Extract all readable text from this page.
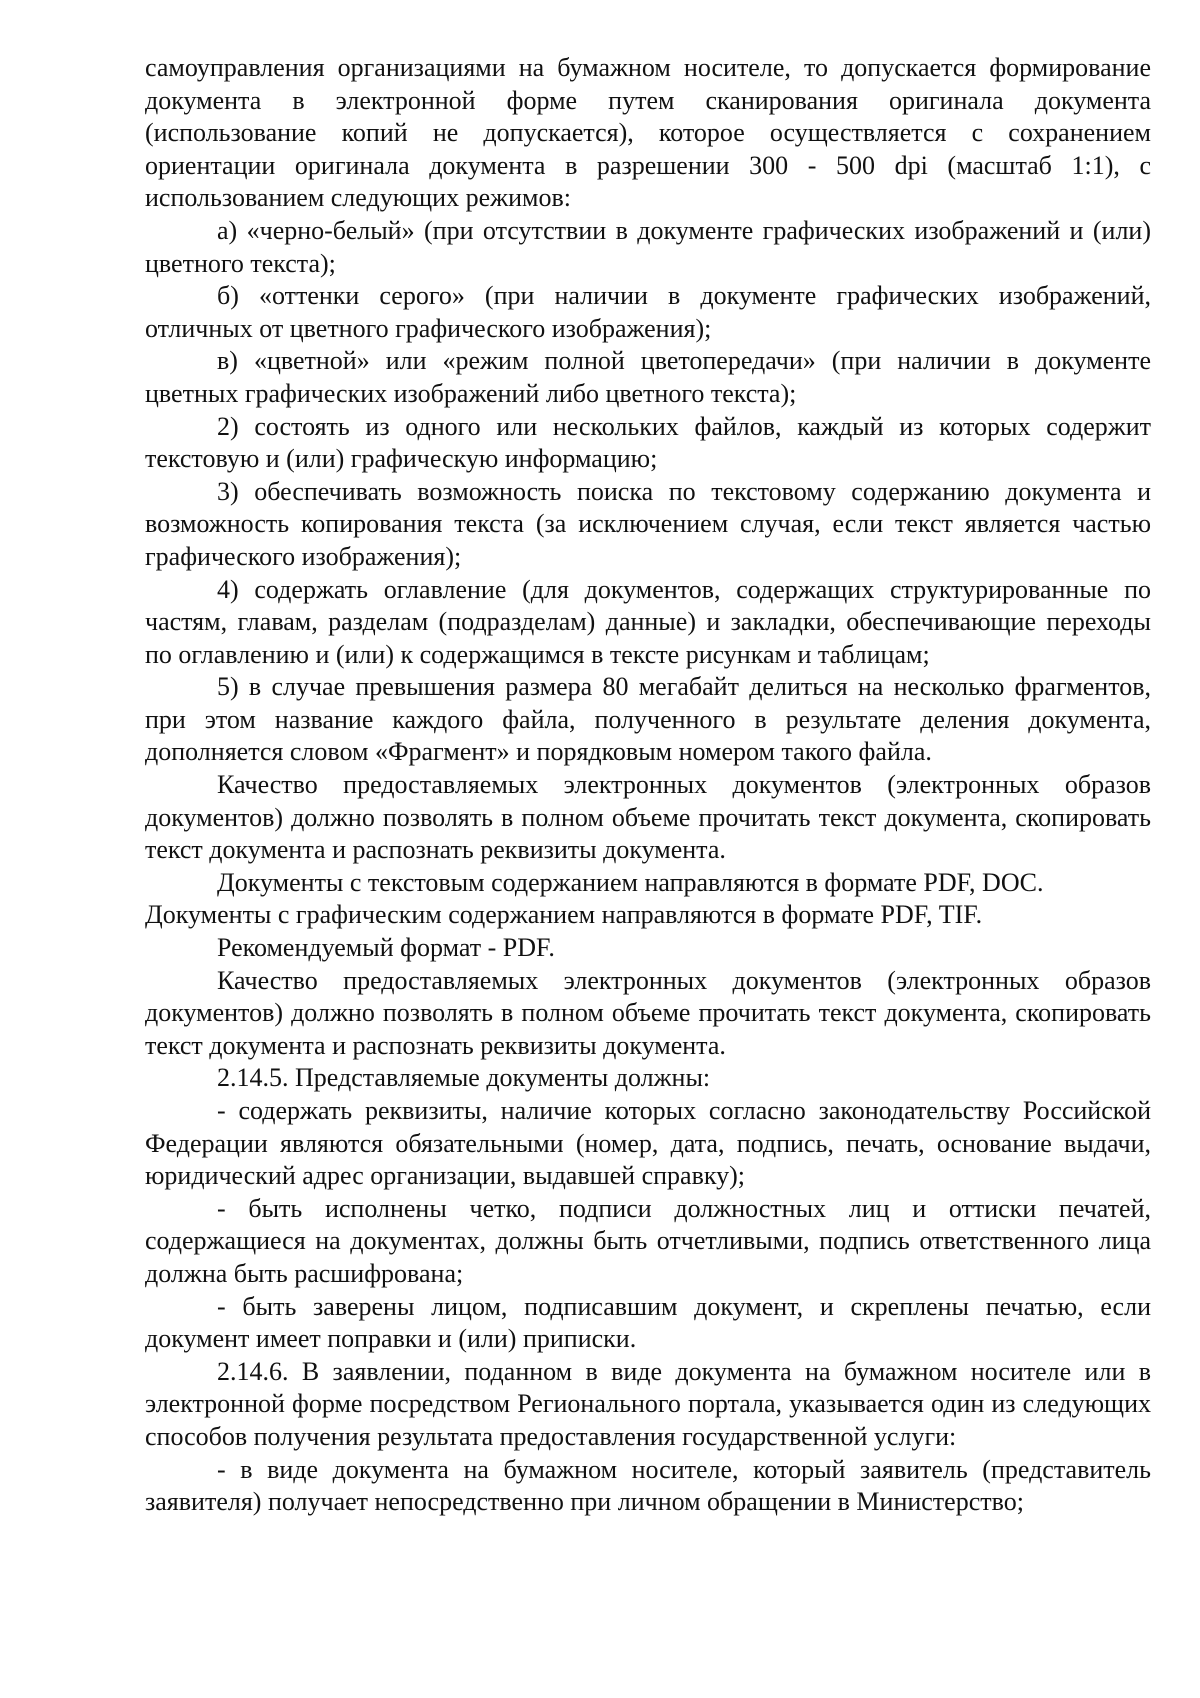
самоуправления организациями на бумажном носителе, то допускается формирование документа в электронной форме путем сканирования оригинала документа (использование копий не допускается), которое осуществляется с сохранением ориентации оригинала документа в разрешении 300 - 500 dpi (масштаб 1:1), с использованием следующих режимов:

а) «черно-белый» (при отсутствии в документе графических изображений и (или) цветного текста);

б) «оттенки серого» (при наличии в документе графических изображений, отличных от цветного графического изображения);

в) «цветной» или «режим полной цветопередачи» (при наличии в документе цветных графических изображений либо цветного текста);

2) состоять из одного или нескольких файлов, каждый из которых содержит текстовую и (или) графическую информацию;

3) обеспечивать возможность поиска по текстовому содержанию документа и возможность копирования текста (за исключением случая, если текст является частью графического изображения);

4) содержать оглавление (для документов, содержащих структурированные по частям, главам, разделам (подразделам) данные) и закладки, обеспечивающие переходы по оглавлению и (или) к содержащимся в тексте рисункам и таблицам;

5) в случае превышения размера 80 мегабайт делиться на несколько фрагментов, при этом название каждого файла, полученного в результате деления документа, дополняется словом «Фрагмент» и порядковым номером такого файла.

Качество предоставляемых электронных документов (электронных образов документов) должно позволять в полном объеме прочитать текст документа, скопировать текст документа и распознать реквизиты документа.

Документы с текстовым содержанием направляются в формате PDF, DOC.

Документы с графическим содержанием направляются в формате PDF, TIF.

Рекомендуемый формат - PDF.

Качество предоставляемых электронных документов (электронных образов документов) должно позволять в полном объеме прочитать текст документа, скопировать текст документа и распознать реквизиты документа.

2.14.5. Представляемые документы должны:

- содержать реквизиты, наличие которых согласно законодательству Российской Федерации являются обязательными (номер, дата, подпись, печать, основание выдачи, юридический адрес организации, выдавшей справку);

- быть исполнены четко, подписи должностных лиц и оттиски печатей, содержащиеся на документах, должны быть отчетливыми, подпись ответственного лица должна быть расшифрована;

- быть заверены лицом, подписавшим документ, и скреплены печатью, если документ имеет поправки и (или) приписки.

2.14.6. В заявлении, поданном в виде документа на бумажном носителе или в электронной форме посредством Регионального портала, указывается один из следующих способов получения результата предоставления государственной услуги:

- в виде документа на бумажном носителе, который заявитель (представитель заявителя) получает непосредственно при личном обращении в Министерство;
